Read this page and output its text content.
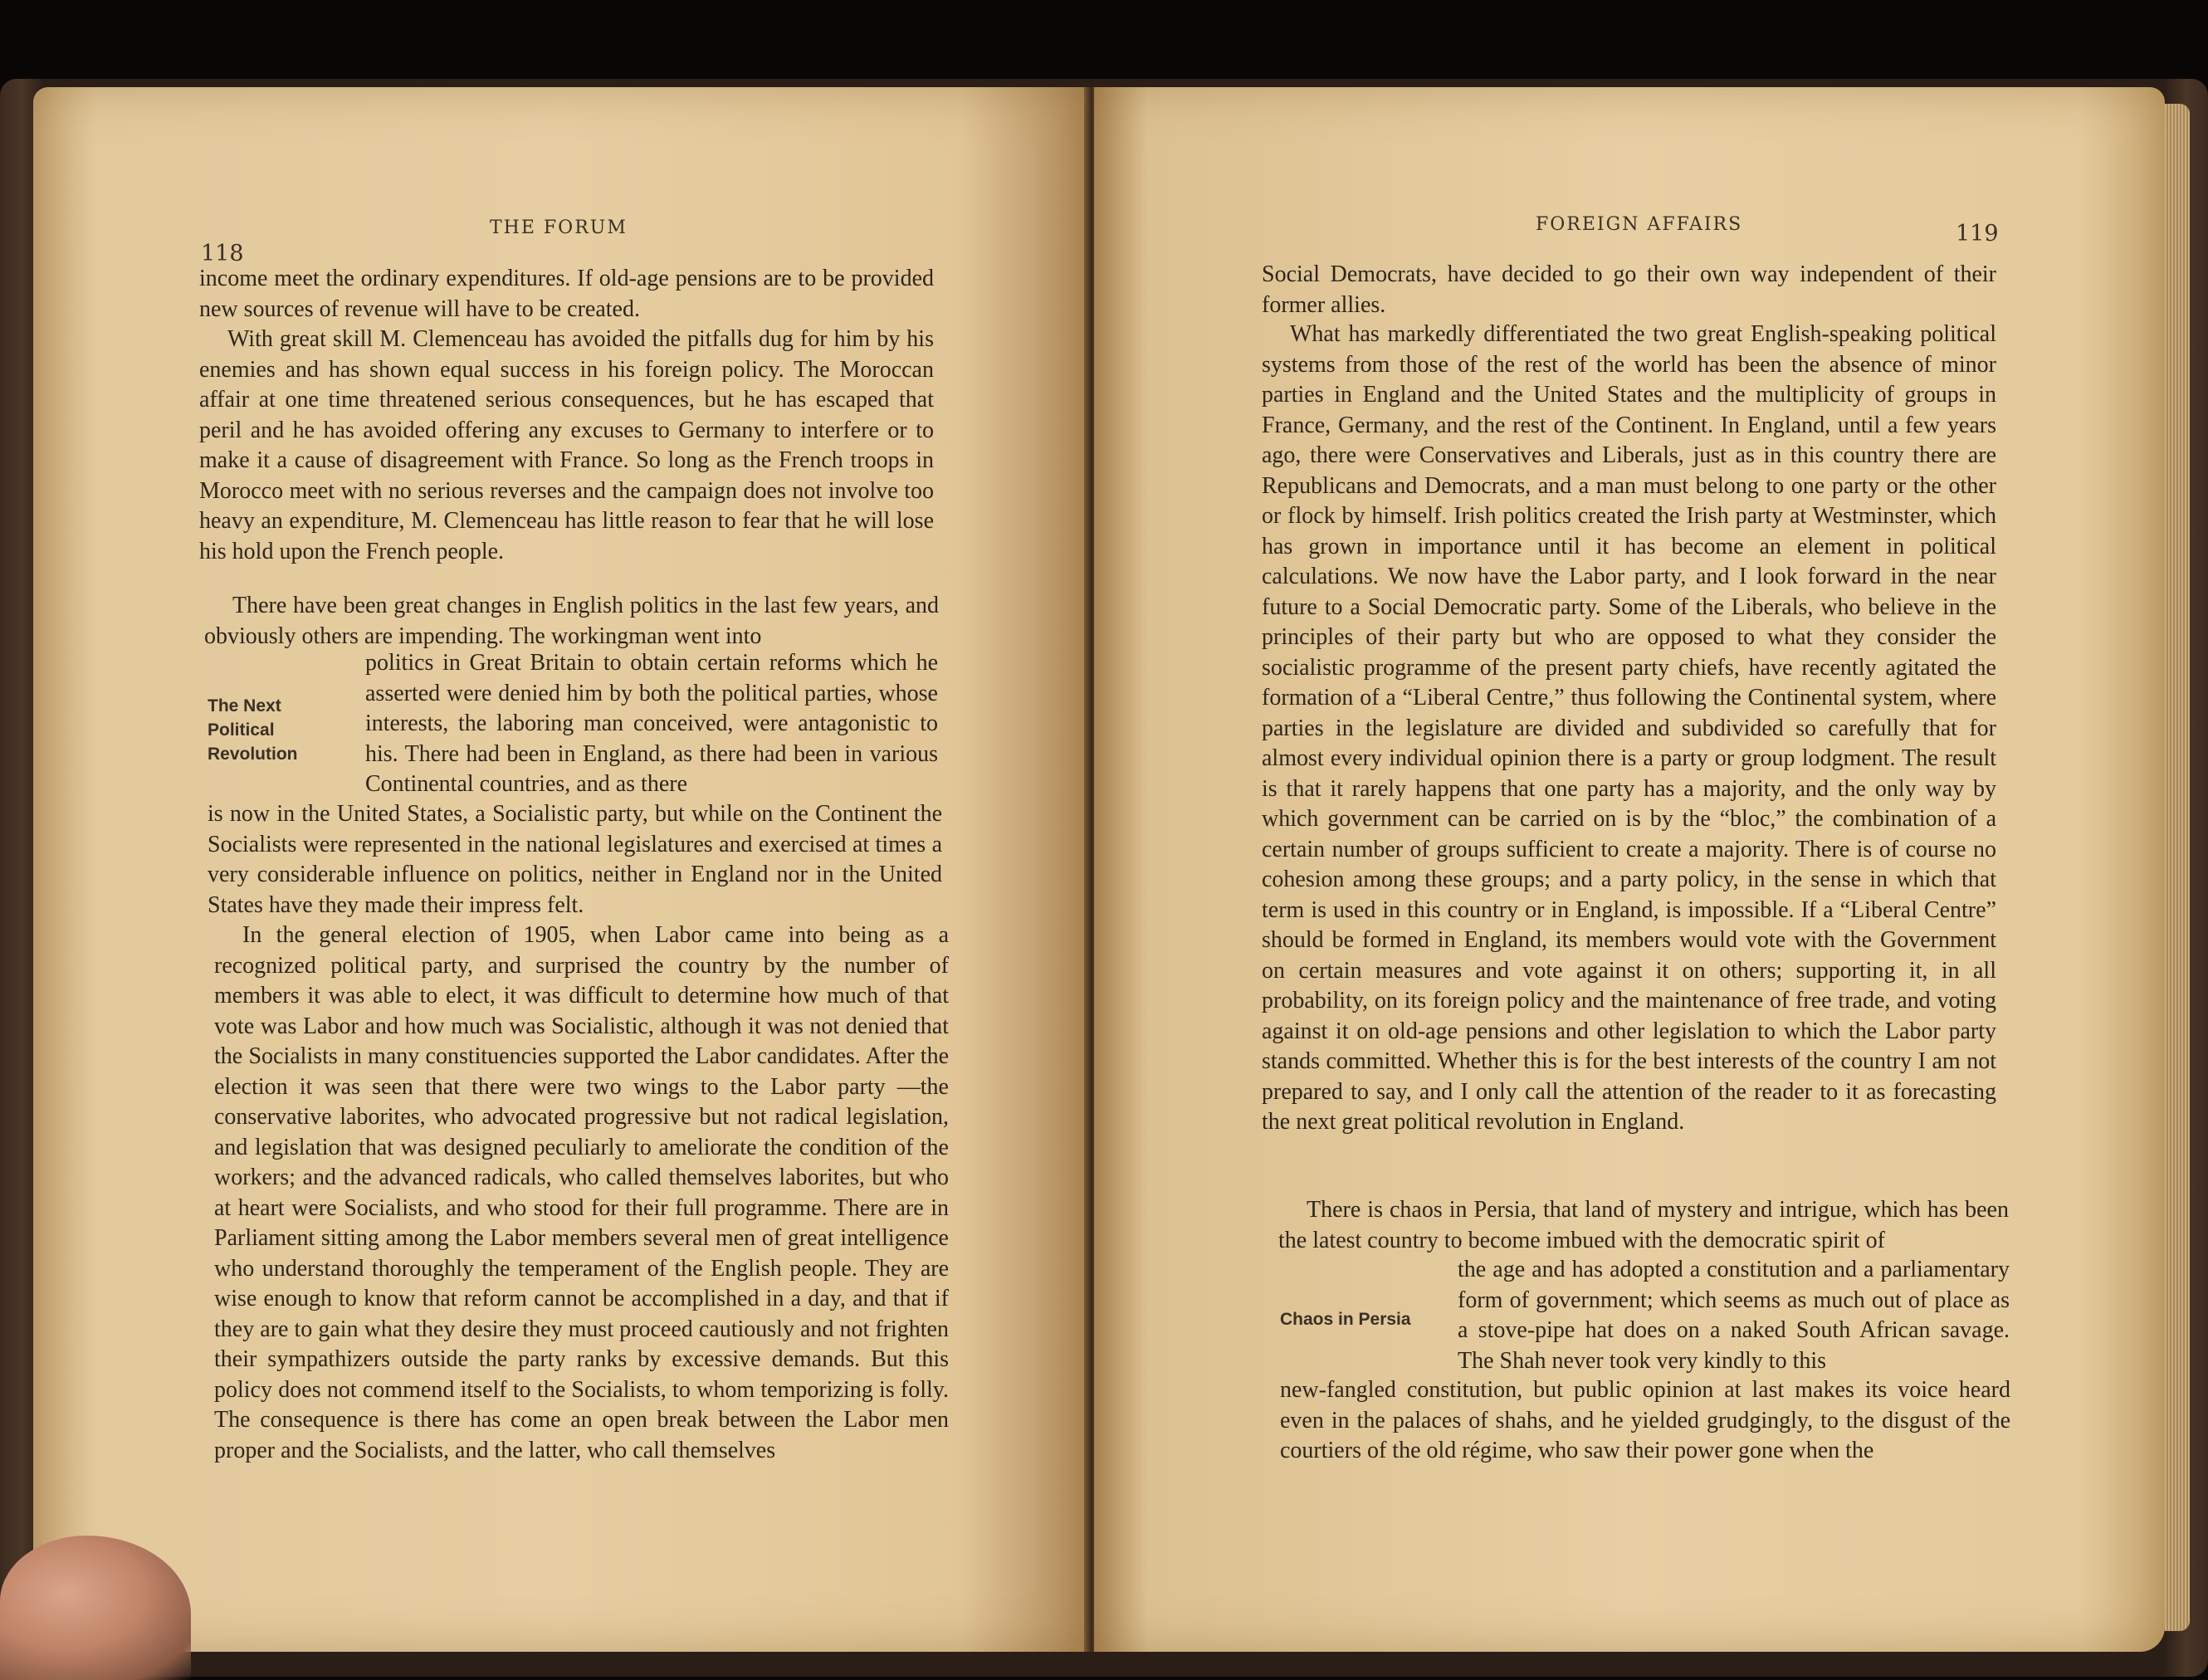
118
THE FORUM

income meet the ordinary expenditures. If old-age pensions are to be provided new sources of revenue will have to be created.

With great skill M. Clemenceau has avoided the pitfalls dug for him by his enemies and has shown equal success in his foreign policy. The Moroccan affair at one time threatened serious consequences, but he has escaped that peril and he has avoided offering any excuses to Germany to interfere or to make it a cause of disagreement with France. So long as the French troops in Morocco meet with no serious reverses and the campaign does not involve too heavy an expenditure, M. Clemenceau has little reason to fear that he will lose his hold upon the French people.

There have been great changes in English politics in the last few years, and obviously others are impending. The workingman went into

The Next Political Revolution

politics in Great Britain to obtain certain reforms which he asserted were denied him by both the political parties, whose interests, the laboring man conceived, were antagonistic to his. There had been in England, as there had been in various Continental countries, and as there

is now in the United States, a Socialistic party, but while on the Continent the Socialists were represented in the national legislatures and exercised at times a very considerable influence on politics, neither in England nor in the United States have they made their impress felt.

In the general election of 1905, when Labor came into being as a recognized political party, and surprised the country by the number of members it was able to elect, it was difficult to determine how much of that vote was Labor and how much was Socialistic, although it was not denied that the Socialists in many constituencies supported the Labor candidates. After the election it was seen that there were two wings to the Labor party —the conservative laborites, who advocated progressive but not radical legislation, and legislation that was designed peculiarly to ameliorate the condition of the workers; and the advanced radicals, who called themselves laborites, but who at heart were Socialists, and who stood for their full programme. There are in Parliament sitting among the Labor members several men of great intelligence who understand thoroughly the temperament of the English people. They are wise enough to know that reform cannot be accomplished in a day, and that if they are to gain what they desire they must proceed cautiously and not frighten their sympathizers outside the party ranks by excessive demands. But this policy does not commend itself to the Socialists, to whom temporizing is folly. The consequence is there has come an open break between the Labor men proper and the Socialists, and the latter, who call themselves

FOREIGN AFFAIRS	119

Social Democrats, have decided to go their own way independent of their former allies.

What has markedly differentiated the two great English-speaking political systems from those of the rest of the world has been the absence of minor parties in England and the United States and the multiplicity of groups in France, Germany, and the rest of the Continent. In England, until a few years ago, there were Conservatives and Liberals, just as in this country there are Republicans and Democrats, and a man must belong to one party or the other or flock by himself. Irish politics created the Irish party at Westminster, which has grown in importance until it has become an element in political calculations. We now have the Labor party, and I look forward in the near future to a Social Democratic party. Some of the Liberals, who believe in the principles of their party but who are opposed to what they consider the socialistic programme of the present party chiefs, have recently agitated the formation of a “Liberal Centre,” thus following the Continental system, where parties in the legislature are divided and subdivided so carefully that for almost every individual opinion there is a party or group lodgment. The result is that it rarely happens that one party has a majority, and the only way by which government can be carried on is by the “bloc,” the combination of a certain number of groups sufficient to create a majority. There is of course no cohesion among these groups; and a party policy, in the sense in which that term is used in this country or in England, is impossible. If a “Liberal Centre” should be formed in England, its members would vote with the Government on certain measures and vote against it on others; supporting it, in all probability, on its foreign policy and the maintenance of free trade, and voting against it on old-age pensions and other legislation to which the Labor party stands committed. Whether this is for the best interests of the country I am not prepared to say, and I only call the attention of the reader to it as forecasting the next great political revolution in England.

There is chaos in Persia, that land of mystery and intrigue, which has been the latest country to become imbued with the democratic spirit of

Chaos in Persia

the age and has adopted a constitution and a parliamentary form of government; which seems as much out of place as a stove-pipe hat does on a naked South African savage. The Shah never took very kindly to this

new-fangled constitution, but public opinion at last makes its voice heard even in the palaces of shahs, and he yielded grudgingly, to the disgust of the courtiers of the old régime, who saw their power gone when the
